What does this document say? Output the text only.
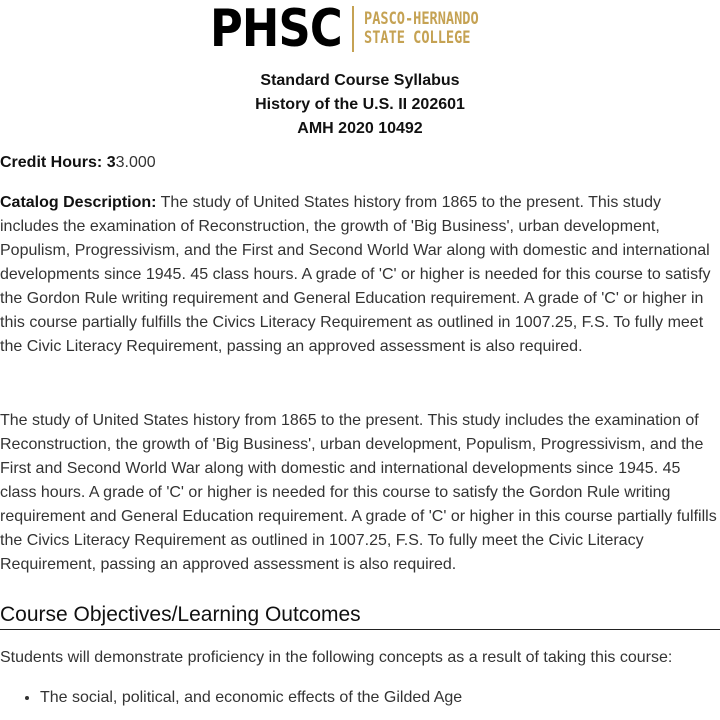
PHSC PASCO-HERNANDO
STATE COLLEGE
Standard Course Syllabus
History of the U.S. II 202601
AMH 2020 10492
Credit Hours: 33.000
Catalog Description: The study of United States history from 1865 to the present. This study includes the examination of Reconstruction, the growth of 'Big Business', urban development, Populism, Progressivism, and the First and Second World War along with domestic and international developments since 1945. 45 class hours. A grade of 'C' or higher is needed for this course to satisfy the Gordon Rule writing requirement and General Education requirement. A grade of 'C' or higher in this course partially fulfills the Civics Literacy Requirement as outlined in 1007.25, F.S. To fully meet the Civic Literacy Requirement, passing an approved assessment is also required.
The study of United States history from 1865 to the present. This study includes the examination of Reconstruction, the growth of 'Big Business', urban development, Populism, Progressivism, and the First and Second World War along with domestic and international developments since 1945. 45 class hours. A grade of 'C' or higher is needed for this course to satisfy the Gordon Rule writing requirement and General Education requirement. A grade of 'C' or higher in this course partially fulfills the Civics Literacy Requirement as outlined in 1007.25, F.S. To fully meet the Civic Literacy Requirement, passing an approved assessment is also required.
Course Objectives/Learning Outcomes
Students will demonstrate proficiency in the following concepts as a result of taking this course:
• The social, political, and economic effects of the Gilded Age
